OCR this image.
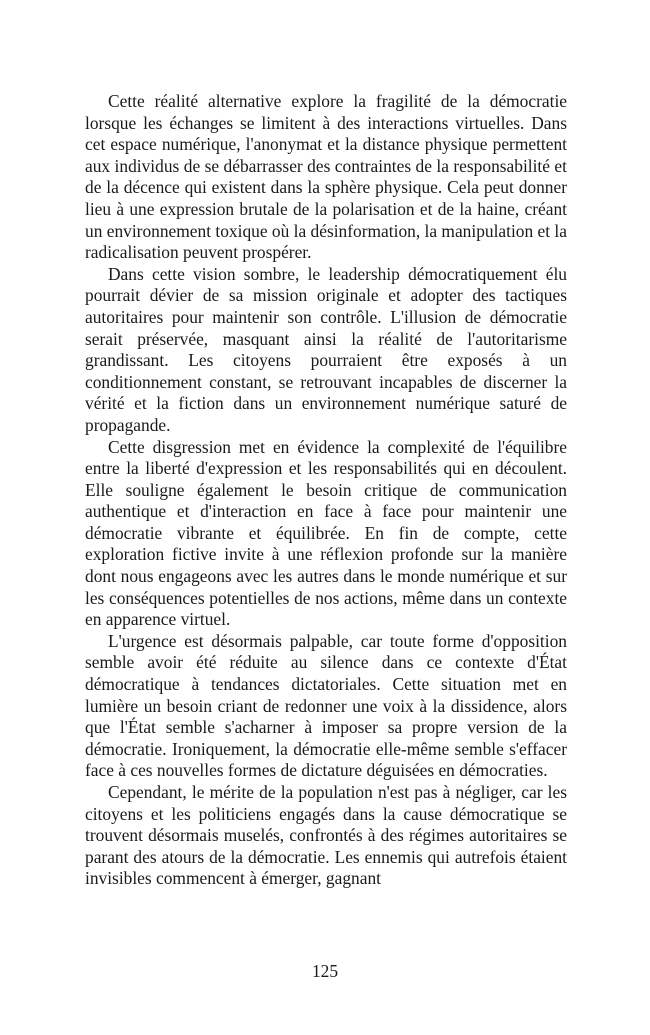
Cette réalité alternative explore la fragilité de la démocratie lorsque les échanges se limitent à des interactions virtuelles. Dans cet espace numérique, l'anonymat et la distance physique permettent aux individus de se débarrasser des contraintes de la responsabilité et de la décence qui existent dans la sphère physique. Cela peut donner lieu à une expression brutale de la polarisation et de la haine, créant un environnement toxique où la désinformation, la manipulation et la radicalisation peuvent prospérer.

Dans cette vision sombre, le leadership démocratiquement élu pourrait dévier de sa mission originale et adopter des tactiques autoritaires pour maintenir son contrôle. L'illusion de démocratie serait préservée, masquant ainsi la réalité de l'autoritarisme grandissant. Les citoyens pourraient être exposés à un conditionnement constant, se retrouvant incapables de discerner la vérité et la fiction dans un environnement numérique saturé de propagande.

Cette disgression met en évidence la complexité de l'équilibre entre la liberté d'expression et les responsabilités qui en découlent. Elle souligne également le besoin critique de communication authentique et d'interaction en face à face pour maintenir une démocratie vibrante et équilibrée. En fin de compte, cette exploration fictive invite à une réflexion profonde sur la manière dont nous engageons avec les autres dans le monde numérique et sur les conséquences potentielles de nos actions, même dans un contexte en apparence virtuel.

L'urgence est désormais palpable, car toute forme d'opposition semble avoir été réduite au silence dans ce contexte d'État démocratique à tendances dictatoriales. Cette situation met en lumière un besoin criant de redonner une voix à la dissidence, alors que l'État semble s'acharner à imposer sa propre version de la démocratie. Ironiquement, la démocratie elle-même semble s'effacer face à ces nouvelles formes de dictature déguisées en démocraties.

Cependant, le mérite de la population n'est pas à négliger, car les citoyens et les politiciens engagés dans la cause démocratique se trouvent désormais muselés, confrontés à des régimes autoritaires se parant des atours de la démocratie. Les ennemis qui autrefois étaient invisibles commencent à émerger, gagnant

125
